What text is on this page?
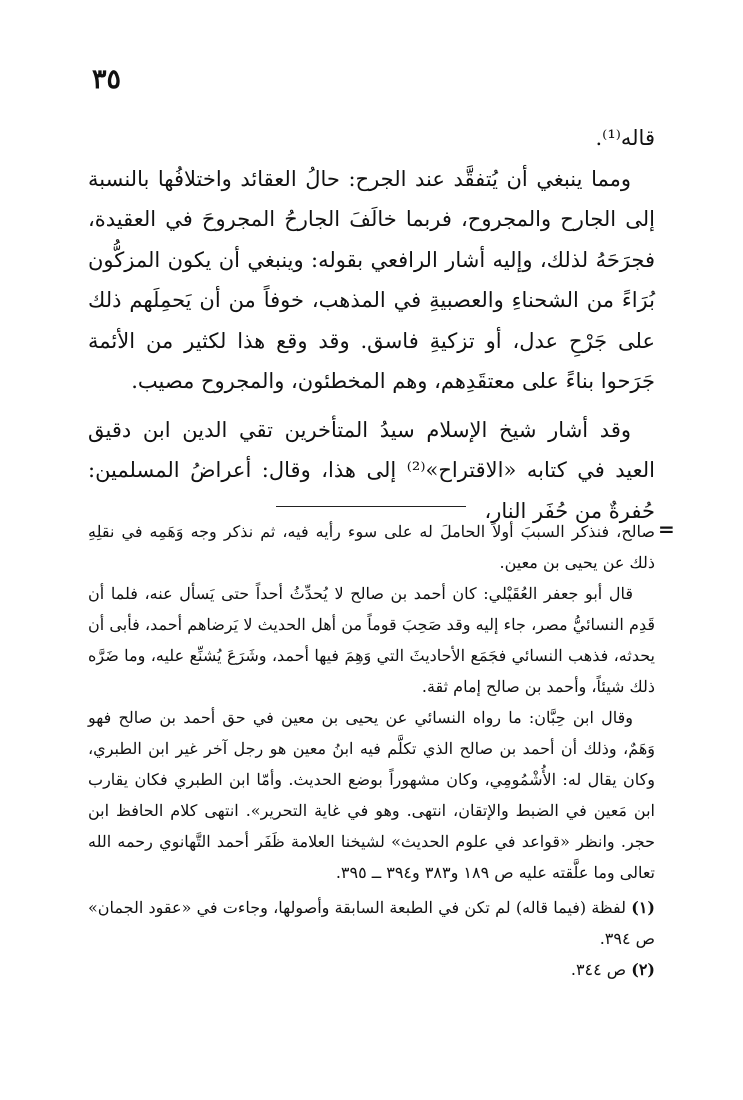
٣٥

قاله⁽¹⁾.

ومما ينبغي أن يُتفقَّد عند الجرح: حالُ العقائد واختلافُها بالنسبة إلى الجارح والمجروح، فربما خالَفَ الجارحُ المجروحَ في العقيدة، فجرَحَهُ لذلك، وإليه أشار الرافعي بقوله: وينبغي أن يكون المزكُّون بُرَاءً من الشحناءِ والعصبيةِ في المذهب، خوفاً من أن يَحمِلَهم ذلك على جَرْحِ عدل، أو تزكيةِ فاسق. وقد وقع هذا لكثير من الأئمة جَرَحوا بناءً على معتقَدِهم، وهم المخطئون، والمجروح مصيب.

وقد أشار شيخ الإسلام سيدُ المتأخرين تقي الدين ابن دقيق العيد في كتابه «الاقتراح»⁽²⁾ إلى هذا، وقال: أعراضُ المسلمين: حُفرةٌ من حُفَر النار،

=

صالح، فنذكر السببَ أولاً الحاملَ له على سوء رأيه فيه، ثم نذكر وجه وَهَمِه في نقلِهِ ذلك عن يحيى بن معين.

قال أبو جعفر العُقَيْلي: كان أحمد بن صالح لا يُحدِّثُ أحداً حتى يَسأل عنه، فلما أن قَدِم النسائيُّ مصر، جاء إليه وقد صَحِبَ قوماً من أهل الحديث لا يَرضاهم أحمد، فأبى أن يحدثه، فذهب النسائي فجَمَع الأحاديثَ التي وَهِمَ فيها أحمد، وشَرَعَ يُشنِّع عليه، وما ضَرَّه ذلك شيئاً، وأحمد بن صالح إمام ثقة.

وقال ابن حِبَّان: ما رواه النسائي عن يحيى بن معين في حق أحمد بن صالح فهو وَهَمٌ، وذلك أن أحمد بن صالح الذي تكلَّم فيه ابنُ معين هو رجل آخر غير ابن الطبري، وكان يقال له: الأُشْمُومِي، وكان مشهوراً بوضع الحديث. وأمّا ابن الطبري فكان يقارب ابن مَعين في الضبط والإتقان، انتهى. وهو في غاية التحرير». انتهى كلام الحافظ ابن حجر. وانظر «قواعد في علوم الحديث» لشيخنا العلامة ظَفَر أحمد التَّهانوي رحمه الله تعالى وما علَّقته عليه ص ١٨٩ و٣٨٣ و٣٩٤ ــ ٣٩٥.

(١) لفظة (فيما قاله) لم تكن في الطبعة السابقة وأصولها، وجاءت في «عقود الجمان» ص ٣٩٤.

(٢) ص ٣٤٤.
